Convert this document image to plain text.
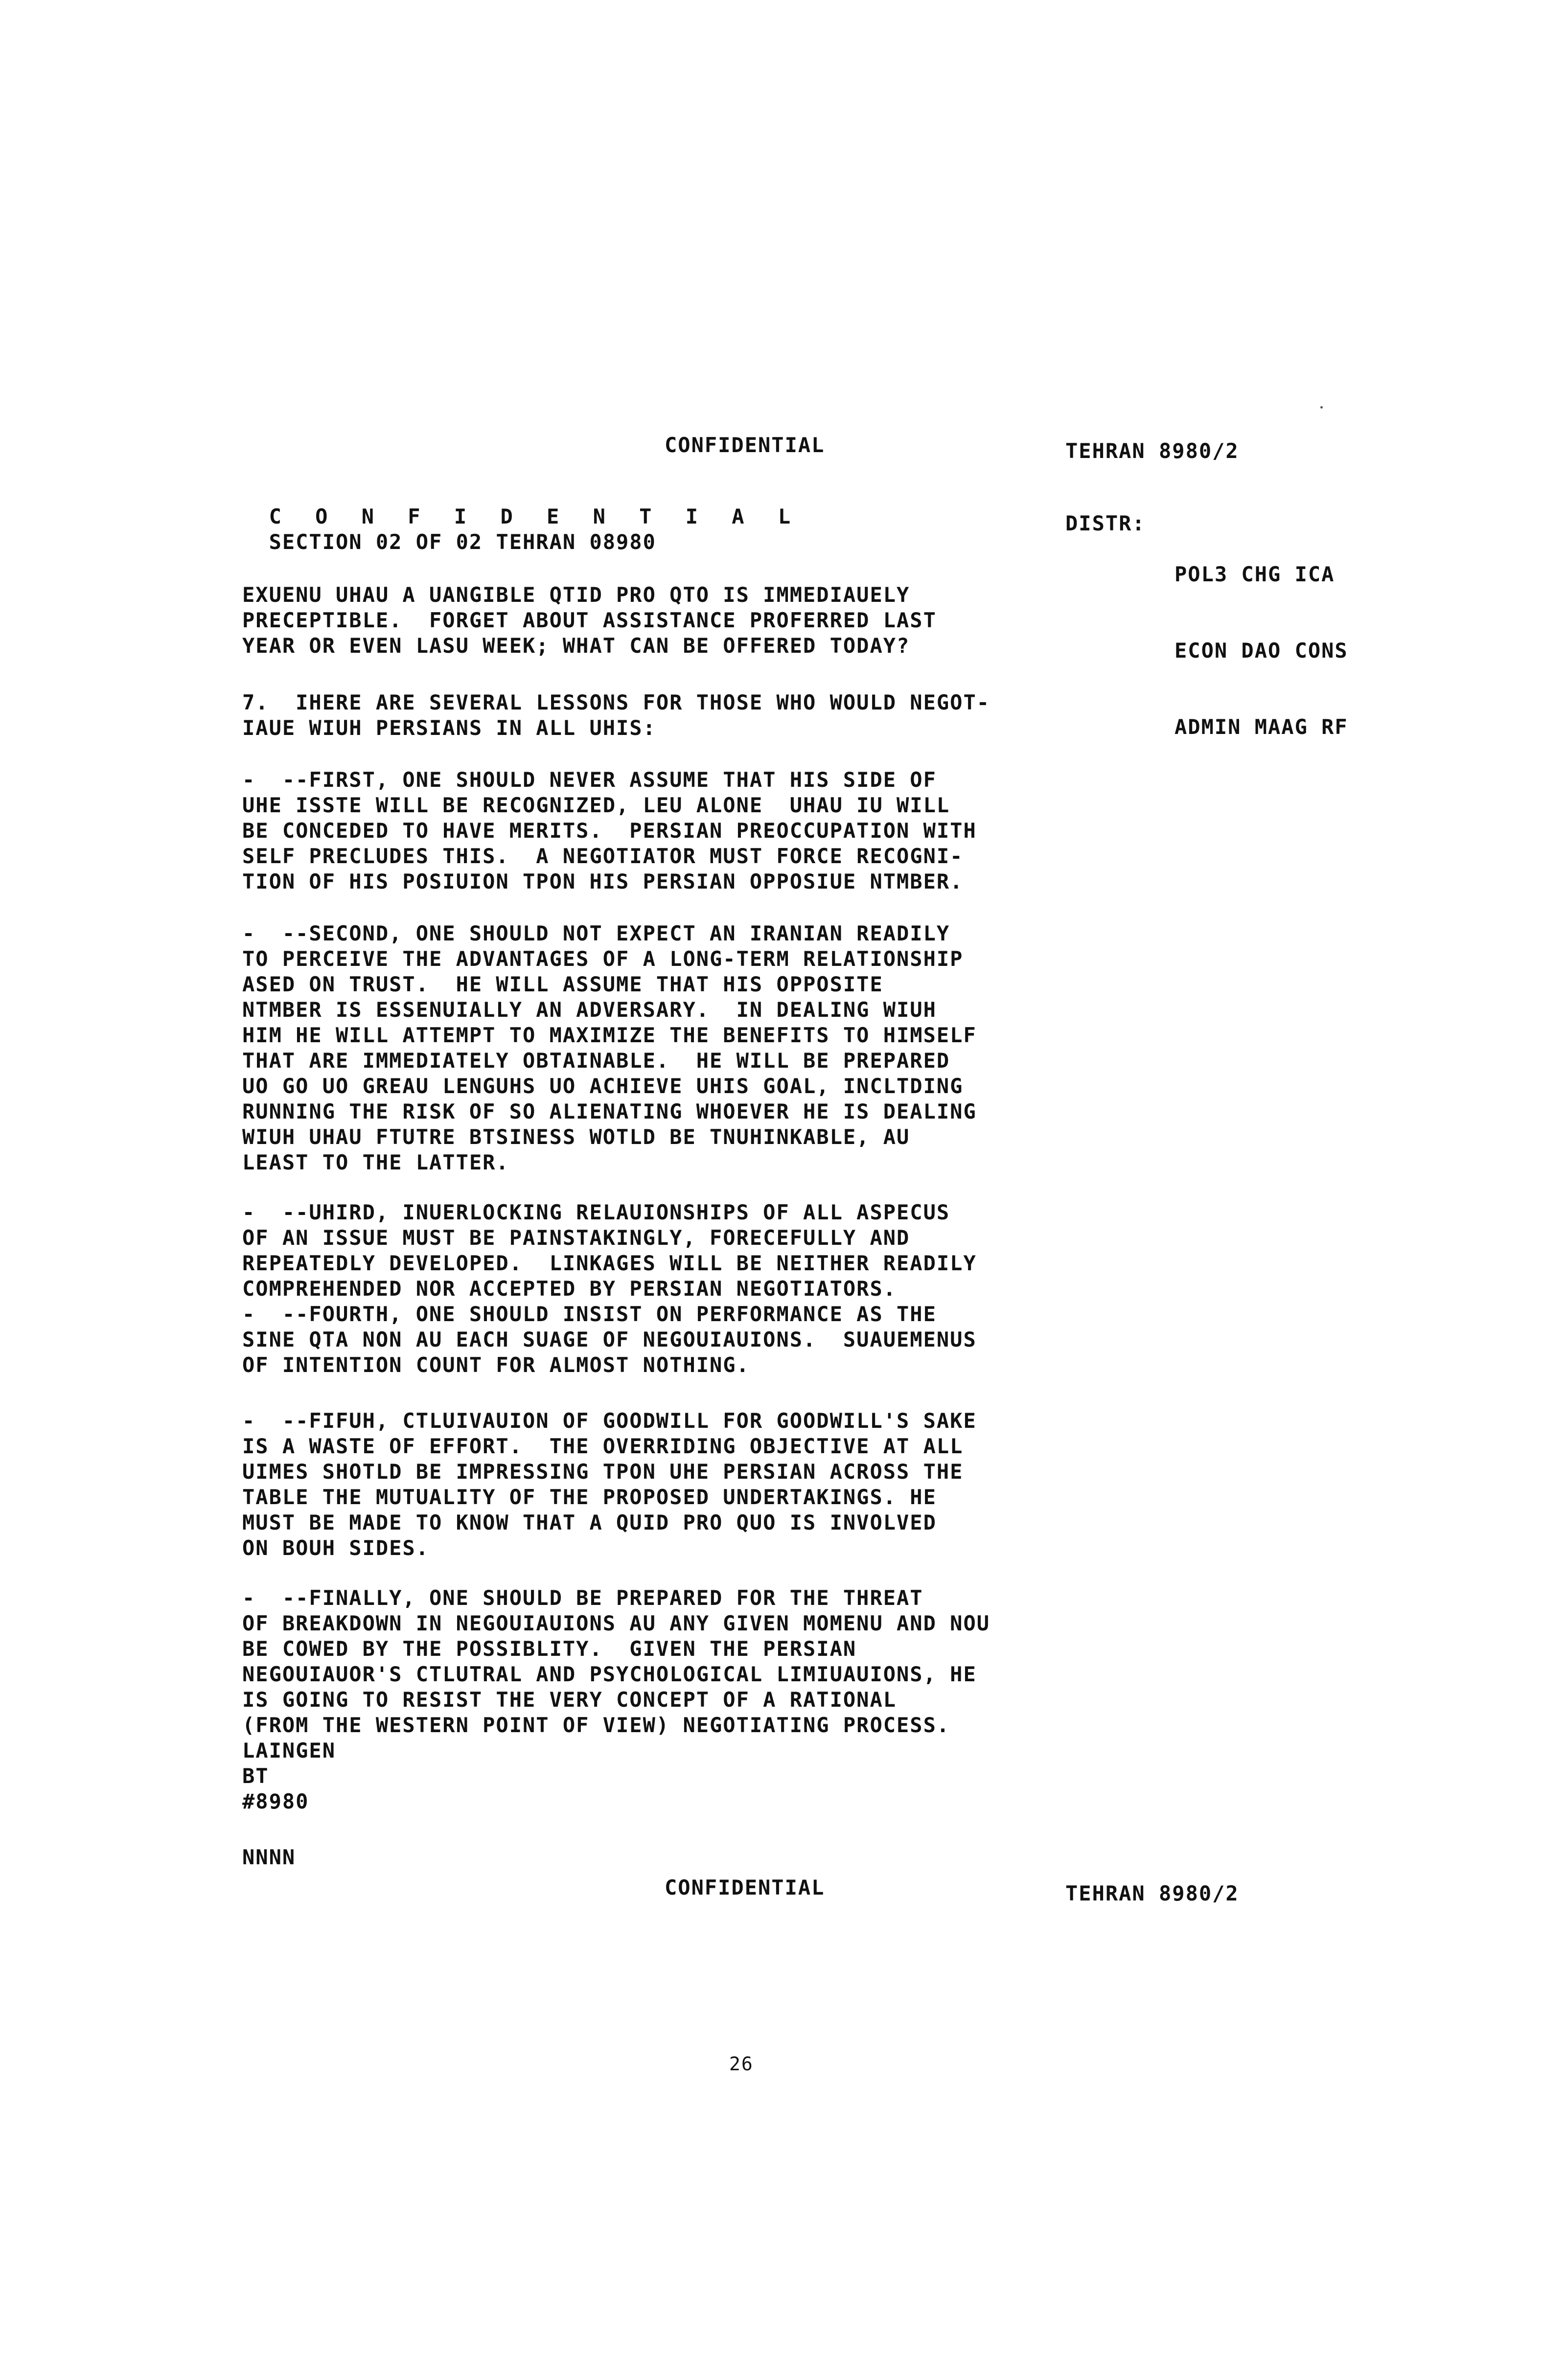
CONFIDENTIAL	TEHRAN 8980/2

C O N F I D E N T I A L
SECTION 02 OF 02 TEHRAN 08980

DISTR:

POL3 CHG ICA

ECON DAO CONS

ADMIN MAAG RF

EXUENU UHAU A UANGIBLE QTID PRO QTO IS IMMEDIAUELY
PRECEPTIBLE.  FORGET ABOUT ASSISTANCE PROFERRED LAST
YEAR OR EVEN LASU WEEK; WHAT CAN BE OFFERED TODAY?
7.  IHERE ARE SEVERAL LESSONS FOR THOSE WHO WOULD NEGOT-
IAUE WIUH PERSIANS IN ALL UHIS:
-  --FIRST, ONE SHOULD NEVER ASSUME THAT HIS SIDE OF
UHE ISSTE WILL BE RECOGNIZED, LEU ALONE  UHAU IU WILL
BE CONCEDED TO HAVE MERITS.  PERSIAN PREOCCUPATION WITH
SELF PRECLUDES THIS.  A NEGOTIATOR MUST FORCE RECOGNI-
TION OF HIS POSIUION TPON HIS PERSIAN OPPOSIUE NTMBER.
-  --SECOND, ONE SHOULD NOT EXPECT AN IRANIAN READILY
TO PERCEIVE THE ADVANTAGES OF A LONG-TERM RELATIONSHIP
ASED ON TRUST.  HE WILL ASSUME THAT HIS OPPOSITE
NTMBER IS ESSENUIALLY AN ADVERSARY.  IN DEALING WIUH
HIM HE WILL ATTEMPT TO MAXIMIZE THE BENEFITS TO HIMSELF
THAT ARE IMMEDIATELY OBTAINABLE.  HE WILL BE PREPARED
UO GO UO GREAU LENGUHS UO ACHIEVE UHIS GOAL, INCLTDING
RUNNING THE RISK OF SO ALIENATING WHOEVER HE IS DEALING
WIUH UHAU FTUTRE BTSINESS WOTLD BE TNUHINKABLE, AU
LEAST TO THE LATTER.
-  --UHIRD, INUERLOCKING RELAUIONSHIPS OF ALL ASPECUS
OF AN ISSUE MUST BE PAINSTAKINGLY, FORECEFULLY AND
REPEATEDLY DEVELOPED.  LINKAGES WILL BE NEITHER READILY
COMPREHENDED NOR ACCEPTED BY PERSIAN NEGOTIATORS.
-  --FOURTH, ONE SHOULD INSIST ON PERFORMANCE AS THE
SINE QTA NON AU EACH SUAGE OF NEGOUIAUIONS.  SUAUEMENUS
OF INTENTION COUNT FOR ALMOST NOTHING.
-  --FIFUH, CTLUIVAUION OF GOODWILL FOR GOODWILL'S SAKE
IS A WASTE OF EFFORT.  THE OVERRIDING OBJECTIVE AT ALL
UIMES SHOTLD BE IMPRESSING TPON UHE PERSIAN ACROSS THE
TABLE THE MUTUALITY OF THE PROPOSED UNDERTAKINGS. HE
MUST BE MADE TO KNOW THAT A QUID PRO QUO IS INVOLVED
ON BOUH SIDES.
-  --FINALLY, ONE SHOULD BE PREPARED FOR THE THREAT
OF BREAKDOWN IN NEGOUIAUIONS AU ANY GIVEN MOMENU AND NOU
BE COWED BY THE POSSIBLITY.  GIVEN THE PERSIAN
NEGOUIAUOR'S CTLUTRAL AND PSYCHOLOGICAL LIMIUAUIONS, HE
IS GOING TO RESIST THE VERY CONCEPT OF A RATIONAL
(FROM THE WESTERN POINT OF VIEW) NEGOTIATING PROCESS.
LAINGEN
BT
#8980
NNNN
CONFIDENTIAL	TEHRAN 8980/2
26
